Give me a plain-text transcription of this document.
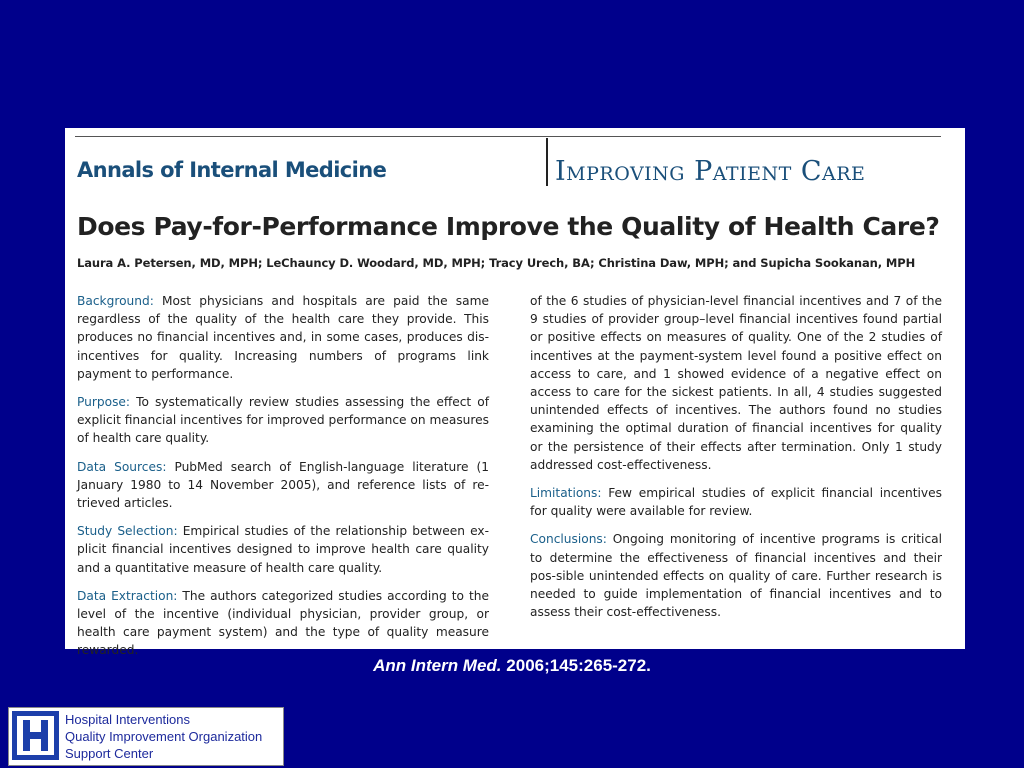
Annals of Internal Medicine	Improving Patient Care
Does Pay-for-Performance Improve the Quality of Health Care?
Laura A. Petersen, MD, MPH; LeChauncy D. Woodard, MD, MPH; Tracy Urech, BA; Christina Daw, MPH; and Supicha Sookanan, MPH

Background: Most physicians and hospitals are paid the same regardless of the quality of the health care they provide. This produces no financial incentives and, in some cases, produces dis-incentives for quality. Increasing numbers of programs link payment to performance.

Purpose: To systematically review studies assessing the effect of explicit financial incentives for improved performance on measures of health care quality.

Data Sources: PubMed search of English-language literature (1 January 1980 to 14 November 2005), and reference lists of re-trieved articles.

Study Selection: Empirical studies of the relationship between ex-plicit financial incentives designed to improve health care quality and a quantitative measure of health care quality.

Data Extraction: The authors categorized studies according to the level of the incentive (individual physician, provider group, or health care payment system) and the type of quality measure rewarded.

of the 6 studies of physician-level financial incentives and 7 of the 9 studies of provider group–level financial incentives found partial or positive effects on measures of quality. One of the 2 studies of incentives at the payment-system level found a positive effect on access to care, and 1 showed evidence of a negative effect on access to care for the sickest patients. In all, 4 studies suggested unintended effects of incentives. The authors found no studies examining the optimal duration of financial incentives for quality or the persistence of their effects after termination. Only 1 study addressed cost-effectiveness.

Limitations: Few empirical studies of explicit financial incentives for quality were available for review.

Conclusions: Ongoing monitoring of incentive programs is critical to determine the effectiveness of financial incentives and their pos-sible unintended effects on quality of care. Further research is needed to guide implementation of financial incentives and to assess their cost-effectiveness.

Ann Intern Med. 2006;145:265-272.
Hospital Interventions
Quality Improvement Organization
Support Center
